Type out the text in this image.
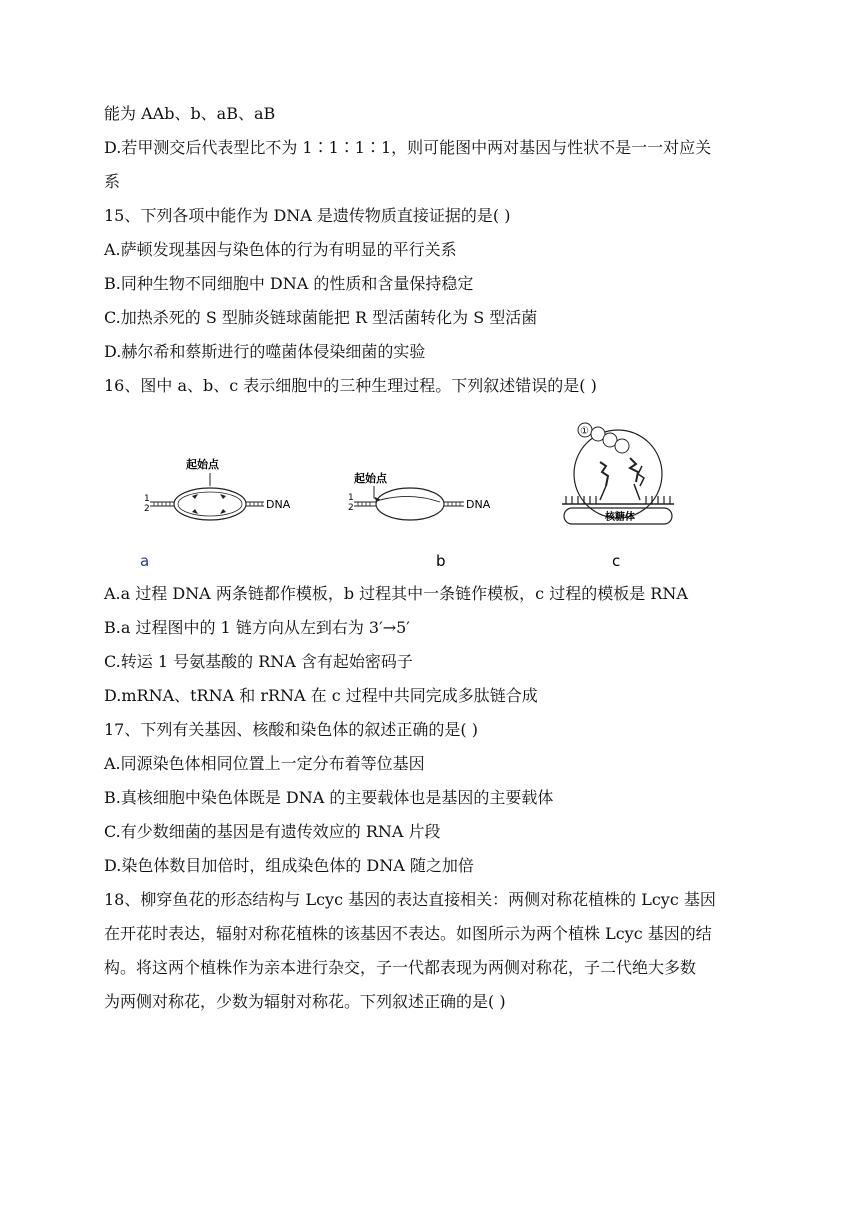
能为 AAb、b、aB、aB
D.若甲测交后代表型比不为 1∶1∶1∶1，则可能图中两对基因与性状不是一一对应关
系
15、下列各项中能作为 DNA 是遗传物质直接证据的是( )
A.萨顿发现基因与染色体的行为有明显的平行关系
B.同种生物不同细胞中 DNA 的性质和含量保持稳定
C.加热杀死的 S 型肺炎链球菌能把 R 型活菌转化为 S 型活菌
D.赫尔希和蔡斯进行的噬菌体侵染细菌的实验
16、图中 a、b、c 表示细胞中的三种生理过程。下列叙述错误的是( )
起始点
1
2	DNA
a
起始点
1
2	DNA
b
①
核糖体
c
A.a 过程 DNA 两条链都作模板，b 过程其中一条链作模板，c 过程的模板是 RNA
B.a 过程图中的 1 链方向从左到右为 3′→5′
C.转运 1 号氨基酸的 RNA 含有起始密码子
D.mRNA、tRNA 和 rRNA 在 c 过程中共同完成多肽链合成
17、下列有关基因、核酸和染色体的叙述正确的是( )
A.同源染色体相同位置上一定分布着等位基因
B.真核细胞中染色体既是 DNA 的主要载体也是基因的主要载体
C.有少数细菌的基因是有遗传效应的 RNA 片段
D.染色体数目加倍时，组成染色体的 DNA 随之加倍
18、柳穿鱼花的形态结构与 Lcyc 基因的表达直接相关：两侧对称花植株的 Lcyc 基因
在开花时表达，辐射对称花植株的该基因不表达。如图所示为两个植株 Lcyc 基因的结
构。将这两个植株作为亲本进行杂交，子一代都表现为两侧对称花，子二代绝大多数
为两侧对称花，少数为辐射对称花。下列叙述正确的是( )
